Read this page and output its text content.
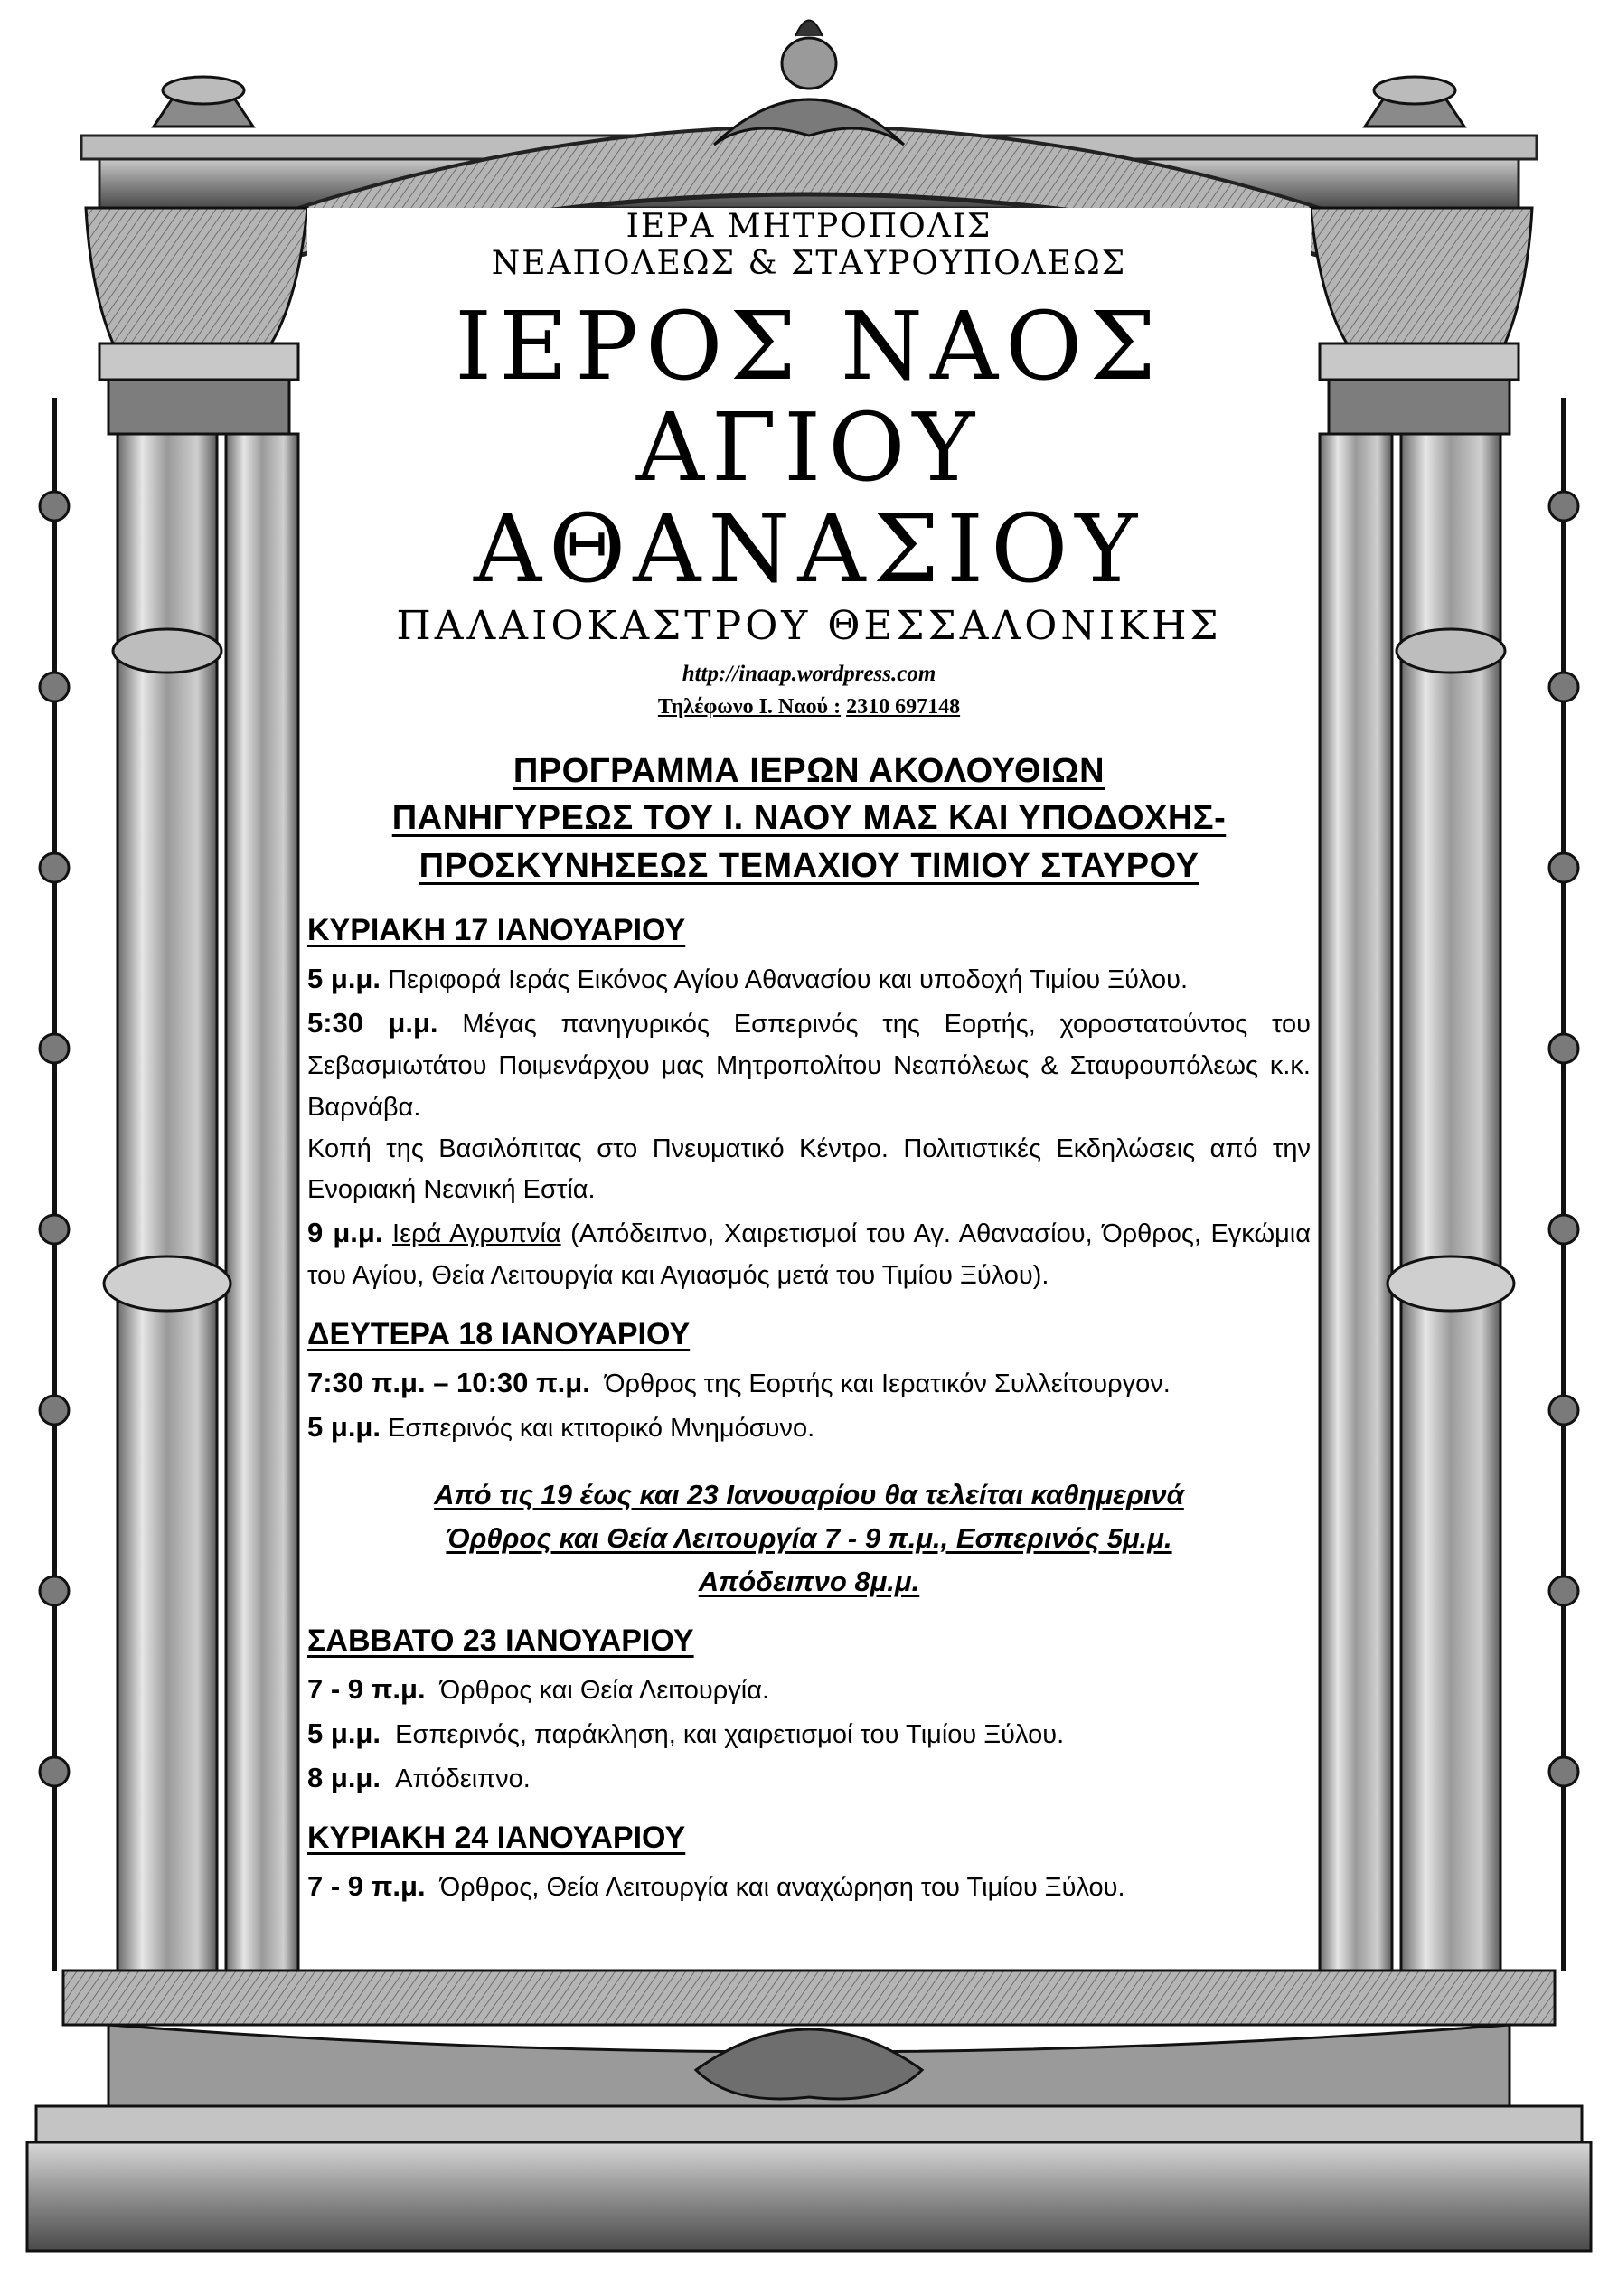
ΙΕΡΑ ΜΗΤΡΟΠΟΛΙΣ
ΝΕΑΠΟΛΕΩΣ & ΣΤΑΥΡΟΥΠΟΛΕΩΣ
ΙΕΡΟΣ ΝΑΟΣ
ΑΓΙΟΥ ΑΘΑΝΑΣΙΟΥ
ΠΑΛΑΙΟΚΑΣΤΡΟΥ ΘΕΣΣΑΛΟΝΙΚΗΣ
http://inaap.wordpress.com
Τηλέφωνο Ι. Ναού : 2310 697148
ΠΡΟΓΡΑΜΜΑ ΙΕΡΩΝ ΑΚΟΛΟΥΘΙΩΝ
ΠΑΝΗΓΥΡΕΩΣ ΤΟΥ Ι. ΝΑΟΥ ΜΑΣ ΚΑΙ ΥΠΟΔΟΧΗΣ-
ΠΡΟΣΚΥΝΗΣΕΩΣ ΤΕΜΑΧΙΟΥ ΤΙΜΙΟΥ ΣΤΑΥΡΟΥ
ΚΥΡΙΑΚΗ 17 ΙΑΝΟΥΑΡΙΟΥ
5 μ.μ. Περιφορά Ιεράς Εικόνος Αγίου Αθανασίου και υποδοχή Τιμίου Ξύλου.
5:30 μ.μ. Μέγας πανηγυρικός Εσπερινός της Εορτής, χοροστατούντος του Σεβασμιωτάτου Ποιμενάρχου μας Μητροπολίτου Νεαπόλεως & Σταυρουπόλεως κ.κ. Βαρνάβα.
Κοπή της Βασιλόπιτας στο Πνευματικό Κέντρο. Πολιτιστικές Εκδηλώσεις από την Ενοριακή Νεανική Εστία.
9 μ.μ. Ιερά Αγρυπνία (Απόδειπνο, Χαιρετισμοί του Αγ. Αθανασίου, Όρθρος, Εγκώμια του Αγίου, Θεία Λειτουργία και Αγιασμός μετά του Τιμίου Ξύλου).
ΔΕΥΤΕΡΑ 18 ΙΑΝΟΥΑΡΙΟΥ
7:30 π.μ. – 10:30 π.μ. Όρθρος της Εορτής και Ιερατικόν Συλλείτουργον.
5 μ.μ. Εσπερινός και κτιτορικό Μνημόσυνο.
Από τις 19 έως και 23 Ιανουαρίου θα τελείται καθημερινά
Όρθρος και Θεία Λειτουργία 7 - 9 π.μ., Εσπερινός 5μ.μ.
Απόδειπνο 8μ.μ.
ΣΑΒΒΑΤΟ 23 ΙΑΝΟΥΑΡΙΟΥ
7 - 9 π.μ. Όρθρος και Θεία Λειτουργία.
5 μ.μ. Εσπερινός, παράκληση, και χαιρετισμοί του Τιμίου Ξύλου.
8 μ.μ. Απόδειπνο.
ΚΥΡΙΑΚΗ 24 ΙΑΝΟΥΑΡΙΟΥ
7 - 9 π.μ. Όρθρος, Θεία Λειτουργία και αναχώρηση του Τιμίου Ξύλου.
